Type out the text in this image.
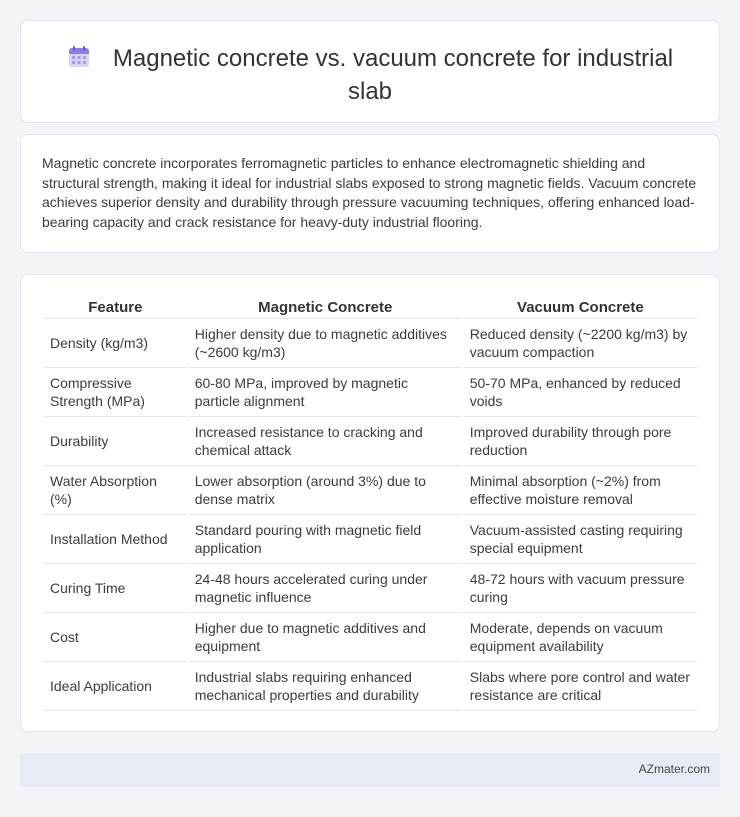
Magnetic concrete vs. vacuum concrete for industrial slab

Magnetic concrete incorporates ferromagnetic particles to enhance electromagnetic shielding and structural strength, making it ideal for industrial slabs exposed to strong magnetic fields. Vacuum concrete achieves superior density and durability through pressure vacuuming techniques, offering enhanced load-bearing capacity and crack resistance for heavy-duty industrial flooring.

Feature	Magnetic Concrete	Vacuum Concrete
Density (kg/m3)	Higher density due to magnetic additives (~2600 kg/m3)	Reduced density (~2200 kg/m3) by vacuum compaction
Compressive Strength (MPa)	60-80 MPa, improved by magnetic particle alignment	50-70 MPa, enhanced by reduced voids
Durability	Increased resistance to cracking and chemical attack	Improved durability through pore reduction
Water Absorption (%)	Lower absorption (around 3%) due to dense matrix	Minimal absorption (~2%) from effective moisture removal
Installation Method	Standard pouring with magnetic field application	Vacuum-assisted casting requiring special equipment
Curing Time	24-48 hours accelerated curing under magnetic influence	48-72 hours with vacuum pressure curing
Cost	Higher due to magnetic additives and equipment	Moderate, depends on vacuum equipment availability
Ideal Application	Industrial slabs requiring enhanced mechanical properties and durability	Slabs where pore control and water resistance are critical
AZmater.com
